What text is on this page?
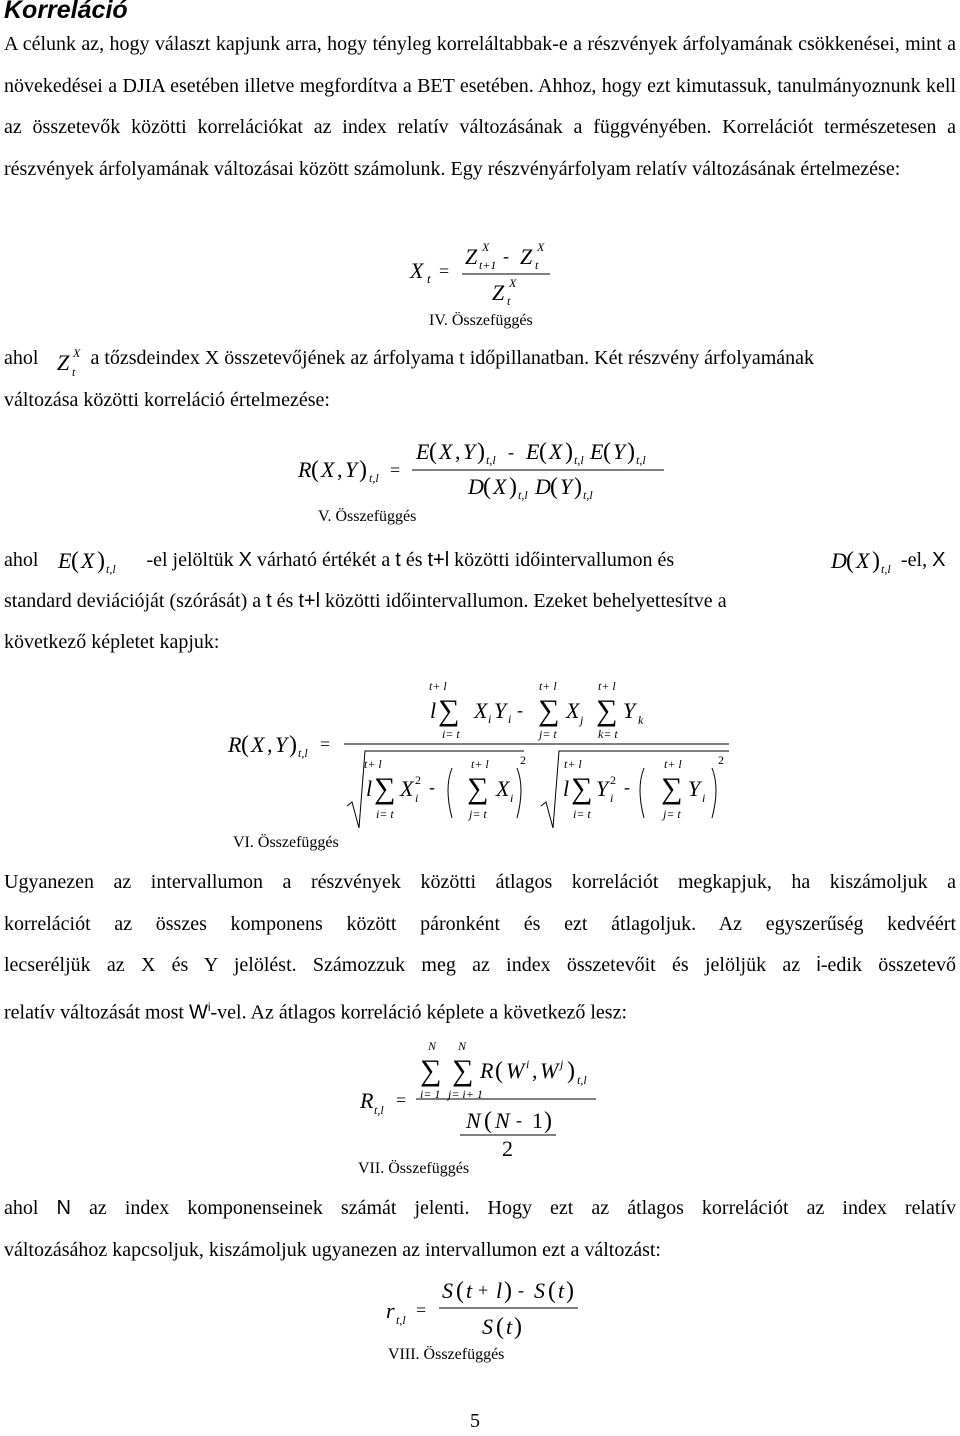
Korreláció

A célunk az, hogy választ kapjunk arra, hogy tényleg korreláltabbak-e a részvények árfolyamának csökkenései, mint a növekedései a DJIA esetében illetve megfordítva a BET esetében. Ahhoz, hogy ezt kimutassuk, tanulmányoznunk kell az összetevők közötti korrelációkat az index relatív változásának a függvényében. Korrelációt természetesen a részvények árfolyamának változásai között számolunk. Egy részvényárfolyam relatív változásának értelmezése:

X t =
Z X
t+1 - Z X
t
Z X
t

IV. Összefüggés

ahol	a tőzsdeindex X összetevőjének az árfolyama t időpillanatban. Két részvény árfolyamának
változása közötti korreláció értelmezése:

Z X
t
R ( X , Y ) t,l =
E ( X , Y ) t,l - E ( X ) t,l E ( Y ) t,l
D ( X ) t,l D ( Y ) t,l

V. Összefüggés

ahol	-el jelöltük X várható értékét a t és t+l közötti időintervallumon és	-el, X
standard deviációját (szórását) a t és t+l közötti időintervallumon. Ezeket behelyettesítve a
következő képletet kapjuk:
E ( X ) t,l	D ( X ) t,l
R ( X , Y ) t,l =
t+ l
l ∑
i= t
X i Y i -
t+ l
∑
j= t
X j
t+ l
∑
k= t
Y k
t+ l
l ∑
i= t
X 2
i
-
t+ l
∑
j= t
X i
2	t+ l
l ∑
i= t
Y 2
i
-
t+ l
∑
j= t
Y i
2

VI. Összefüggés

Ugyanezen az intervallumon a részvények közötti átlagos korrelációt megkapjuk, ha kiszámoljuk a
korrelációt az összes komponens között páronként és ezt átlagoljuk. Az egyszerűség kedvéért
lecseréljük az X és Y jelölést. Számozzuk meg az index összetevőit és jelöljük az i-edik összetevő
relatív változását most $W^i$-vel. Az átlagos korreláció képlete a következő lesz:
R t,l =
N
∑
i= 1
N
∑
j= i+ 1
R ( W i , W j ) t,l
N ( N - 1 )
2

VII. Összefüggés

ahol N az index komponenseinek számát jelenti. Hogy ezt az átlagos korrelációt az index relatív
változásához kapcsoljuk, kiszámoljuk ugyanezen az intervallumon ezt a változást:
r t,l =
S ( t + l ) - S ( t )
S ( t )

VIII. Összefüggés

5
